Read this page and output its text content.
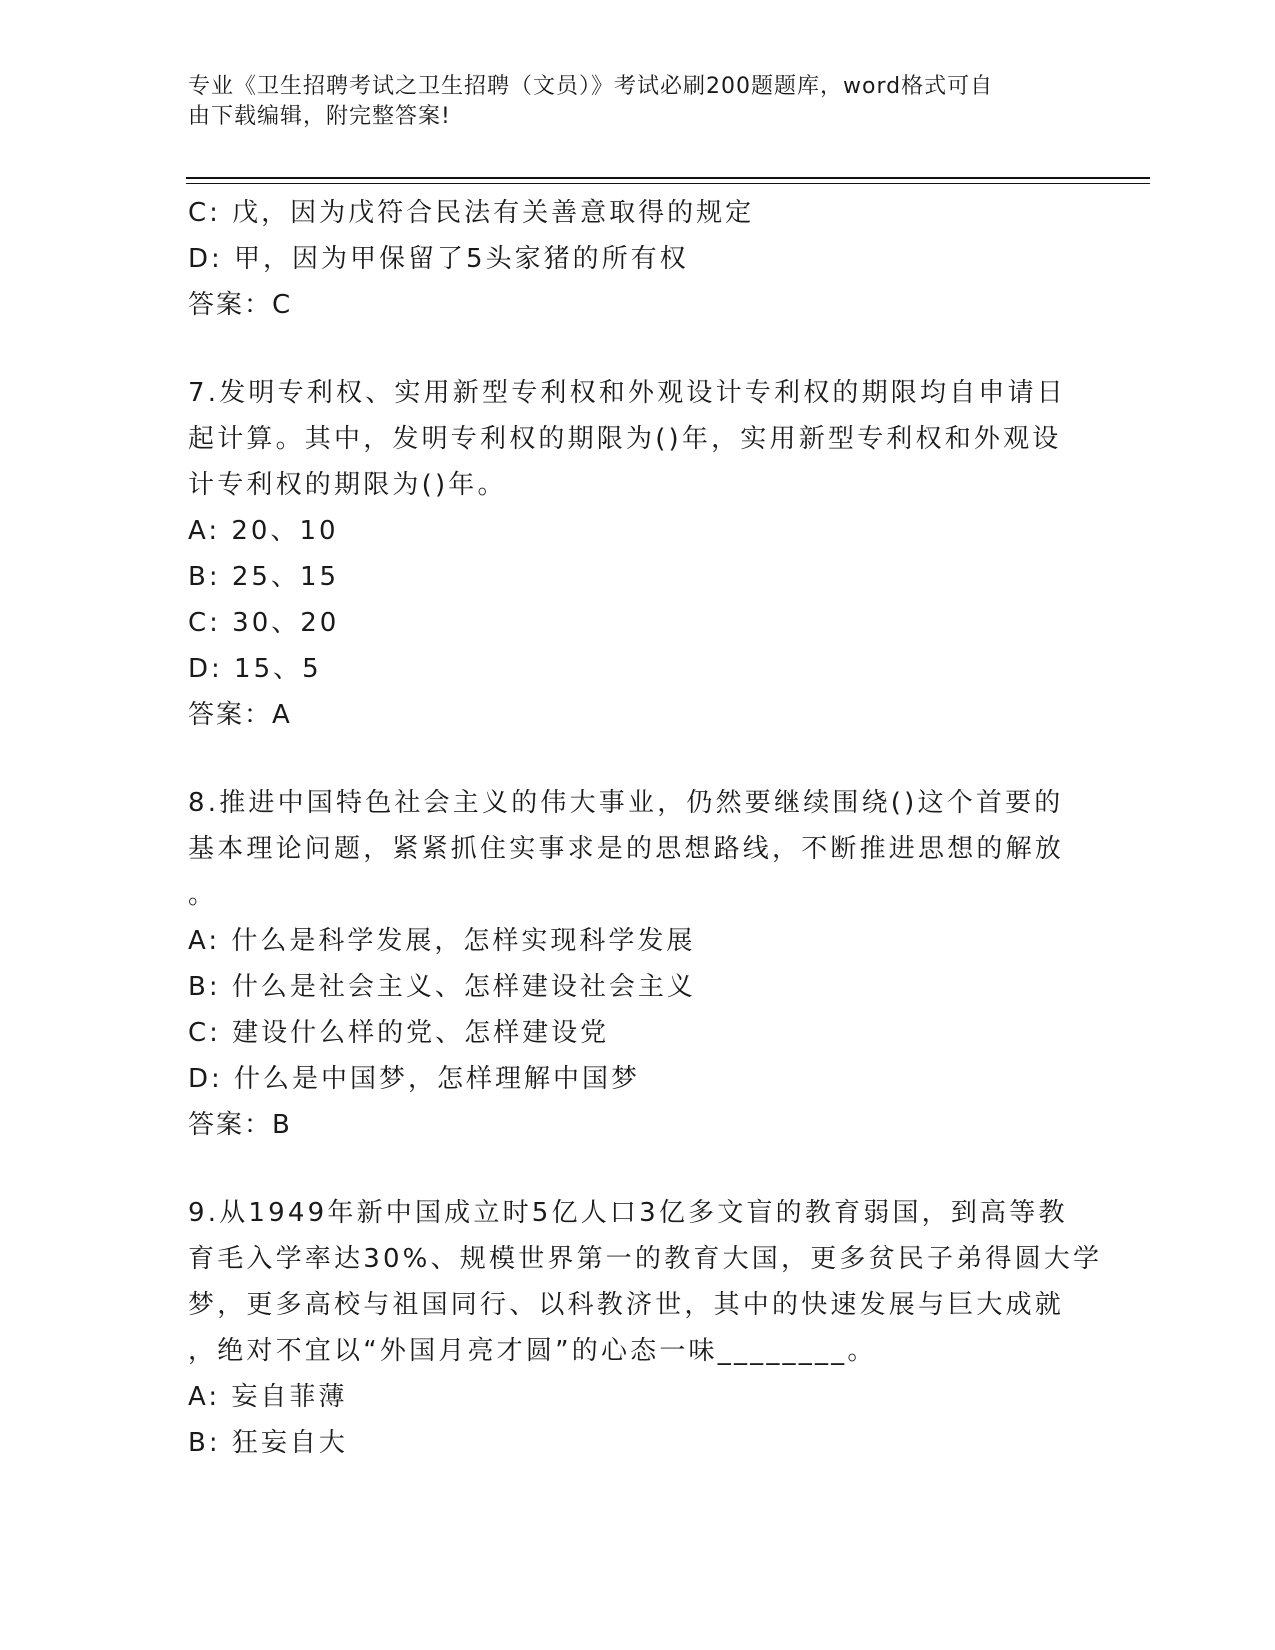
专业《卫生招聘考试之卫生招聘（文员）》考试必刷200题题库，word格式可自
由下载编辑，附完整答案!
C: 戊，因为戊符合民法有关善意取得的规定
D: 甲，因为甲保留了5头家猪的所有权
答案：C
7.发明专利权、实用新型专利权和外观设计专利权的期限均自申请日
起计算。其中，发明专利权的期限为()年，实用新型专利权和外观设
计专利权的期限为()年。
A: 20、10
B: 25、15
C: 30、20
D: 15、5
答案：A
8.推进中国特色社会主义的伟大事业，仍然要继续围绕()这个首要的
基本理论问题，紧紧抓住实事求是的思想路线，不断推进思想的解放
。
A: 什么是科学发展，怎样实现科学发展
B: 什么是社会主义、怎样建设社会主义
C: 建设什么样的党、怎样建设党
D: 什么是中国梦，怎样理解中国梦
答案：B
9.从1949年新中国成立时5亿人口3亿多文盲的教育弱国，到高等教
育毛入学率达30%、规模世界第一的教育大国，更多贫民子弟得圆大学
梦，更多高校与祖国同行、以科教济世，其中的快速发展与巨大成就
，绝对不宜以“外国月亮才圆”的心态一味________。
A: 妄自菲薄
B: 狂妄自大
